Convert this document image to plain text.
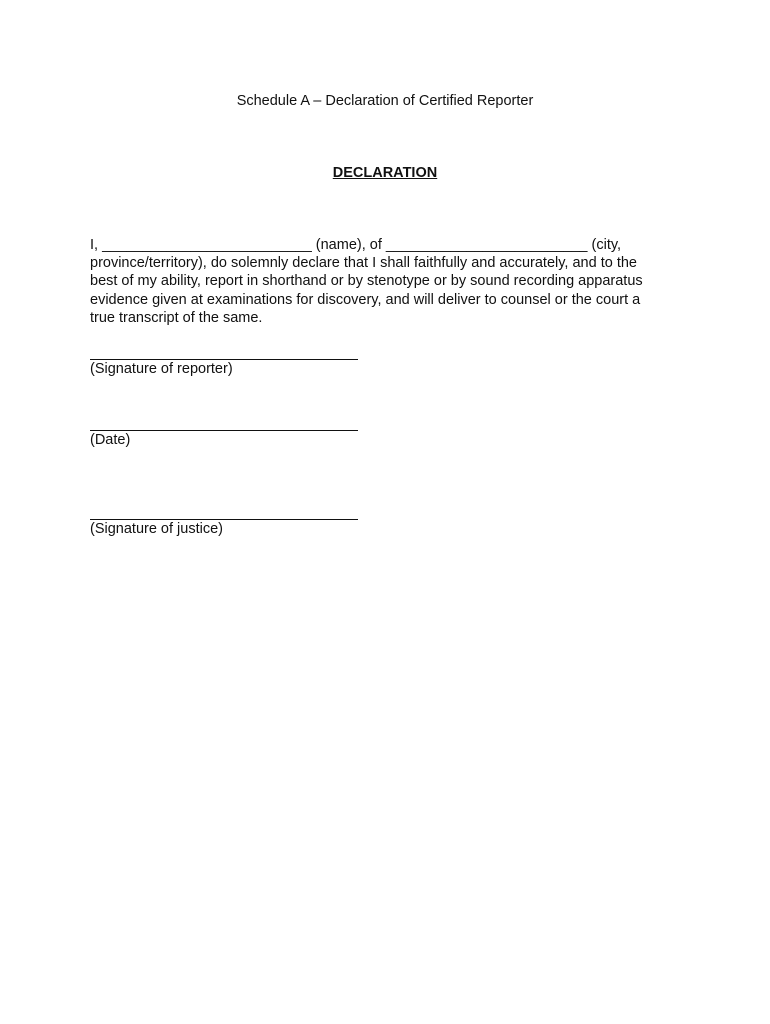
Schedule A – Declaration of Certified Reporter
DECLARATION
I, __________________________ (name), of _________________________ (city,
province/territory), do solemnly declare that I shall faithfully and accurately, and to the
best of my ability, report in shorthand or by stenotype or by sound recording apparatus
evidence given at examinations for discovery, and will deliver to counsel or the court a
true transcript of the same.
(Signature of reporter)
(Date)
(Signature of justice)
